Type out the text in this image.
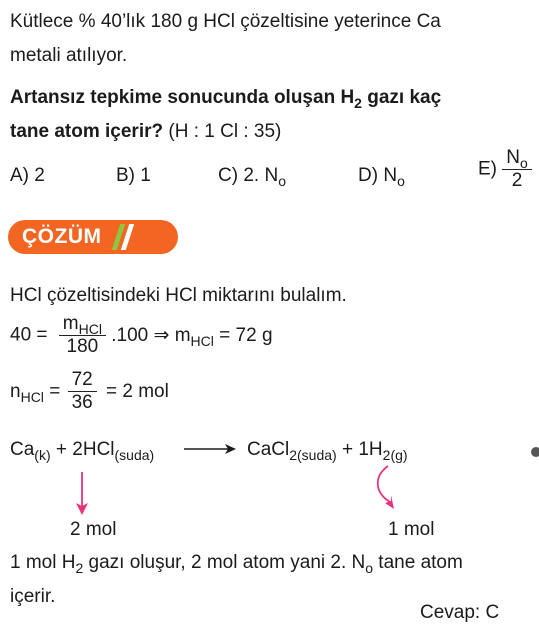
Kütlece % 40’lık 180 g HCl çözeltisine yeterince Ca
metali atılıyor.
Artansız tepkime sonucunda oluşan $H_2$ gazı kaç
tane atom içerir? (H : 1 Cl : 35)
A) 2	B) 1	C) 2. $N_o$	D) $N_o$
$E) \frac{N_o}{2}$
ÇÖZÜM
HCl çözeltisindeki HCl miktarını bulalım.
$40 = \frac{m_{HCl}}{180} .100$ ⇒ $m_{HCl} = 72$ g
$n_{HCl} = \frac{72}{36} = 2$ mol
$Ca_{(k)} + 2HCl_{(suda)}$ → CaCl$_{2(suda)}$ + $1H_{2(g)}$
2 mol	1 mol
1 mol $H_2$ gazı oluşur, 2 mol atom yani 2. $N_o$ tane atom
içerir.
Cevap: C
